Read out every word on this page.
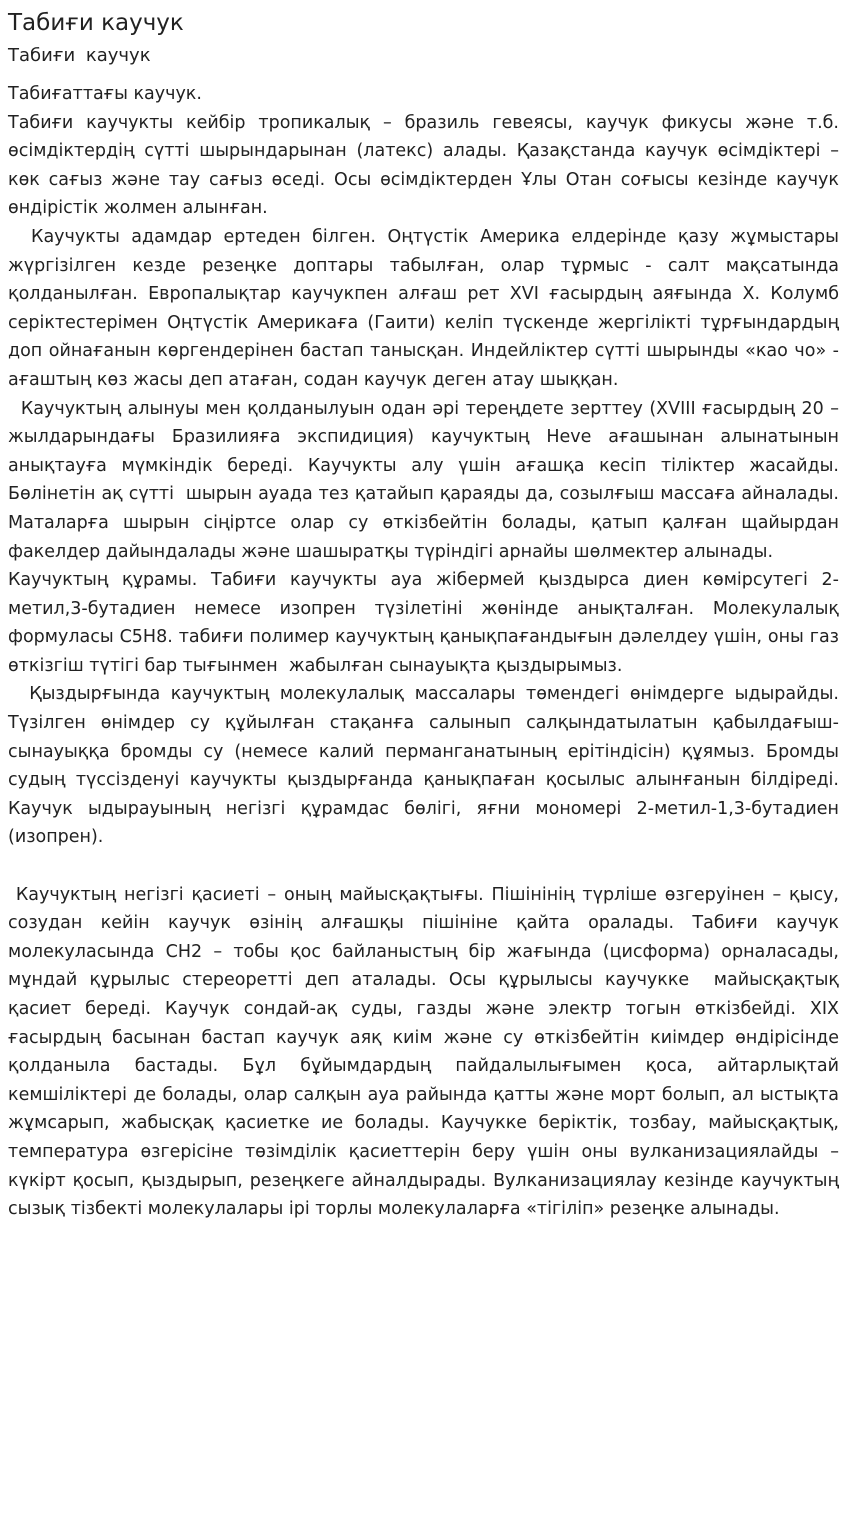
Табиғи каучук
Табиғи каучук

Табиғаттағы каучук.

Табиғи каучукты кейбір тропикалық – бразиль гевеясы, каучук фикусы және т.б. өсімдіктердің сүтті шырындарынан (латекс) алады. Қазақстанда каучук өсімдіктері – көк сағыз және тау сағыз өседі. Осы өсімдіктерден Ұлы Отан соғысы кезінде каучук өндірістік жолмен алынған.

Каучукты адамдар ертеден білген. Оңтүстік Америка елдерінде қазу жұмыстары жүргізілген кезде резеңке доптары табылған, олар тұрмыс - салт мақсатында қолданылған. Европалықтар каучукпен алғаш рет XVI ғасырдың аяғында Х. Колумб серіктестерімен Оңтүстік Америкаға (Гаити) келіп түскенде жергілікті тұрғындардың доп ойнағанын көргендерінен бастап танысқан. Индейліктер сүтті шырынды «као чо» - ағаштың көз жасы деп атаған, содан каучук деген атау шыққан.

Каучуктың алынуы мен қолданылуын одан әрі тереңдете зерттеу (XVIII ғасырдың 20 – жылдарындағы Бразилияға экспидиция) каучуктың Heve ағашынан алынатынын анықтауға мүмкіндік береді. Каучукты алу үшін ағашқа кесіп тіліктер жасайды. Бөлінетін ақ сүтті  шырын ауада тез қатайып қараяды да, созылғыш массаға айналады. Маталарға шырын сіңіртсе олар су өткізбейтін болады, қатып қалған щайырдан факелдер дайындалады және шашыратқы түріндігі арнайы шөлмектер алынады.

Каучуктың құрамы. Табиғи каучукты ауа жібермей қыздырса диен көмірсутегі 2-метил,3-бутадиен немесе изопрен түзілетіні жөнінде анықталған. Молекулалық формуласы С5Н8. табиғи полимер каучуктың қанықпағандығын дәлелдеу үшін, оны газ өткізгіш түтігі бар тығынмен  жабылған сынауықта қыздырымыз.

Қыздырғында каучуктың молекулалық массалары төмендегі өнімдерге ыдырайды. Түзілген өнімдер су құйылған стақанға салынып салқындатылатын қабылдағыш-сынауыққа бромды су (немесе калий перманганатының ерітіндісін) құямыз. Бромды судың түссізденуі каучукты қыздырғанда қанықпаған қосылыс алынғанын білдіреді. Каучук ыдырауының негізгі құрамдас бөлігі, яғни мономері 2-метил-1,3-бутадиен (изопрен).

Каучуктың негізгі қасиеті – оның майысқақтығы. Пішінінің түрліше өзгеруінен – қысу, созудан кейін каучук өзінің алғашқы пішініне қайта оралады. Табиғи каучук молекуласында СН2 – тобы қос байланыстың бір жағында (цисформа) орналасады, мұндай құрылыс стереоретті деп аталады. Осы құрылысы каучукке  майысқақтық қасиет береді. Каучук сондай-ақ суды, газды және электр тогын өткізбейді. XIX ғасырдың басынан бастап каучук аяқ киім және су өткізбейтін киімдер өндірісінде қолданыла бастады. Бұл бұйымдардың пайдалылығымен қоса, айтарлықтай кемшіліктері де болады, олар салқын ауа райында қатты және морт болып, ал ыстықта жұмсарып, жабысқақ қасиетке ие болады. Каучукке беріктік, тозбау, майысқақтық, температура өзгерісіне төзімділік қасиеттерін беру үшін оны вулканизациялайды – күкірт қосып, қыздырып, резеңкеге айналдырады. Вулканизациялау кезінде каучуктың сызық тізбекті молекулалары ірі торлы молекулаларға «тігіліп» резеңке алынады.
